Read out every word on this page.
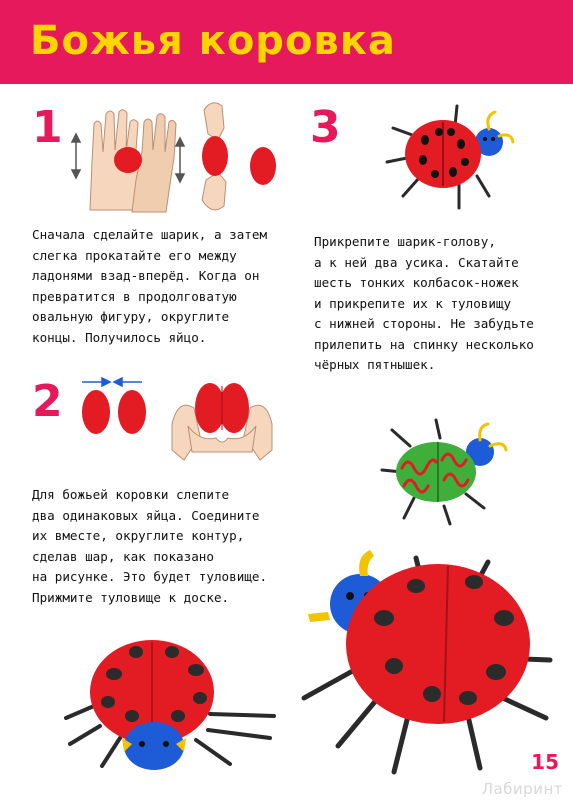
Божья коровка
1
Сначала сделайте шарик, а затем
слегка прокатайте его между
ладонями взад-вперёд. Когда он
превратится в продолговатую
овальную фигуру, округлите
концы. Получилось яйцо.
3
Прикрепите шарик-голову,
а к ней два усика. Скатайте
шесть тонких колбасок-ножек
и прикрепите их к туловищу
с нижней стороны. Не забудьте
прилепить на спинку несколько
чёрных пятнышек.
2
Для божьей коровки слепите
два одинаковых яйца. Соедините
их вместе, округлите контур,
сделав шар, как показано
на рисунке. Это будет туловище.
Прижмите туловище к доске.
15
Лабиринт
